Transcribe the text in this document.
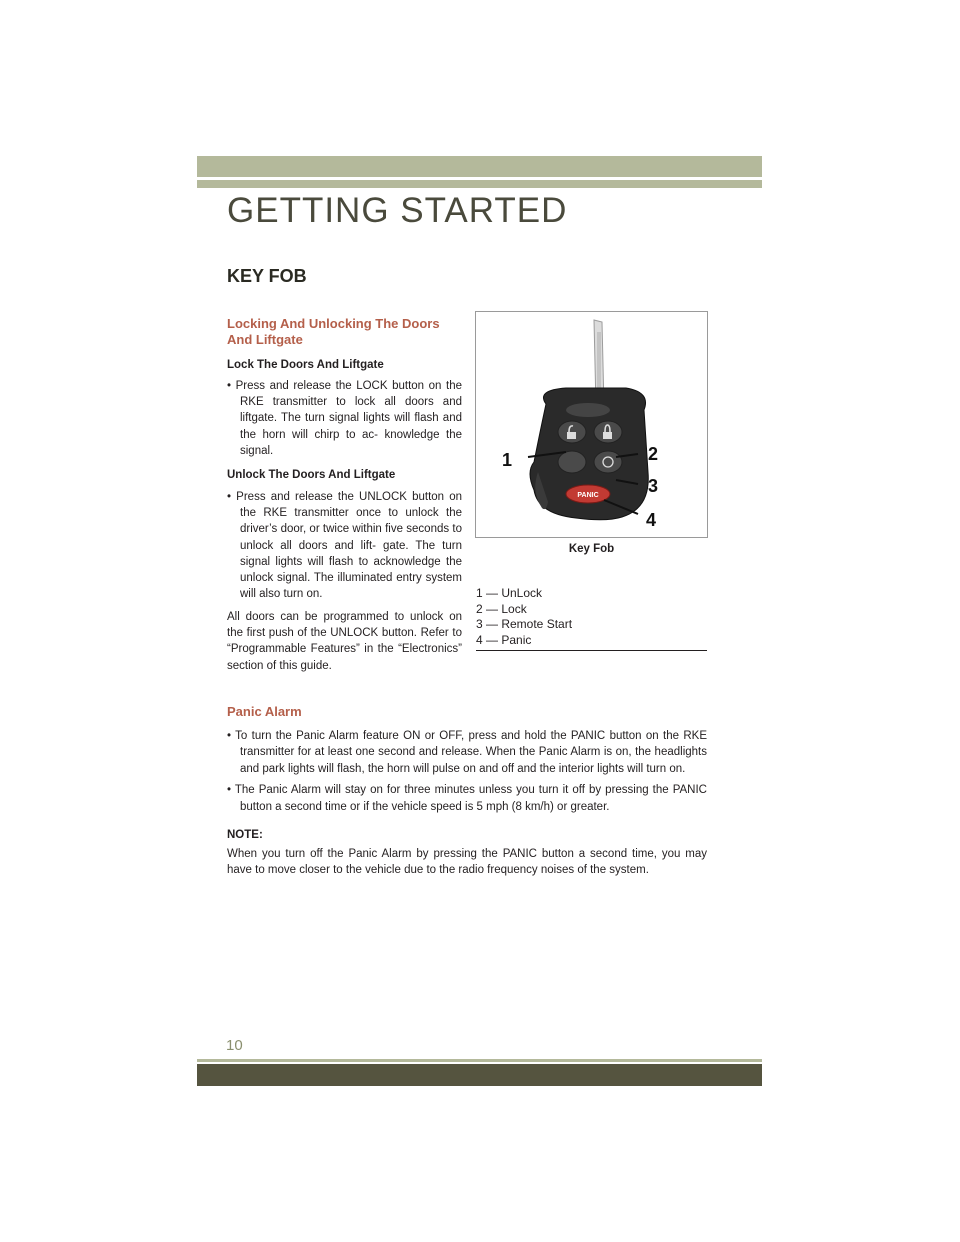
GETTING STARTED
KEY FOB
Locking And Unlocking The Doors
And Liftgate
Lock The Doors And Liftgate

• Press and release the LOCK button on the RKE transmitter to lock all doors and liftgate. The turn signal lights will flash and the horn will chirp to ac- knowledge the signal.

Unlock The Doors And Liftgate

• Press and release the UNLOCK button on the RKE transmitter once to unlock the driver’s door, or twice within five seconds to unlock all doors and lift- gate. The turn signal lights will flash to acknowledge the unlock signal. The illuminated entry system will also turn on.

All doors can be programmed to unlock on the first push of the UNLOCK button. Refer to “Programmable Features” in the “Electronics” section of this guide.

PANIC
1	2
3
4
Key Fob
1 — UnLock
2 — Lock
3 — Remote Start
4 — Panic
Panic Alarm

• To turn the Panic Alarm feature ON or OFF, press and hold the PANIC button on the RKE transmitter for at least one second and release. When the Panic Alarm is on, the headlights and park lights will flash, the horn will pulse on and off and the interior lights will turn on.

• The Panic Alarm will stay on for three minutes unless you turn it off by pressing the PANIC button a second time or if the vehicle speed is 5 mph (8 km/h) or greater.

NOTE:

When you turn off the Panic Alarm by pressing the PANIC button a second time, you may have to move closer to the vehicle due to the radio frequency noises of the system.

10
